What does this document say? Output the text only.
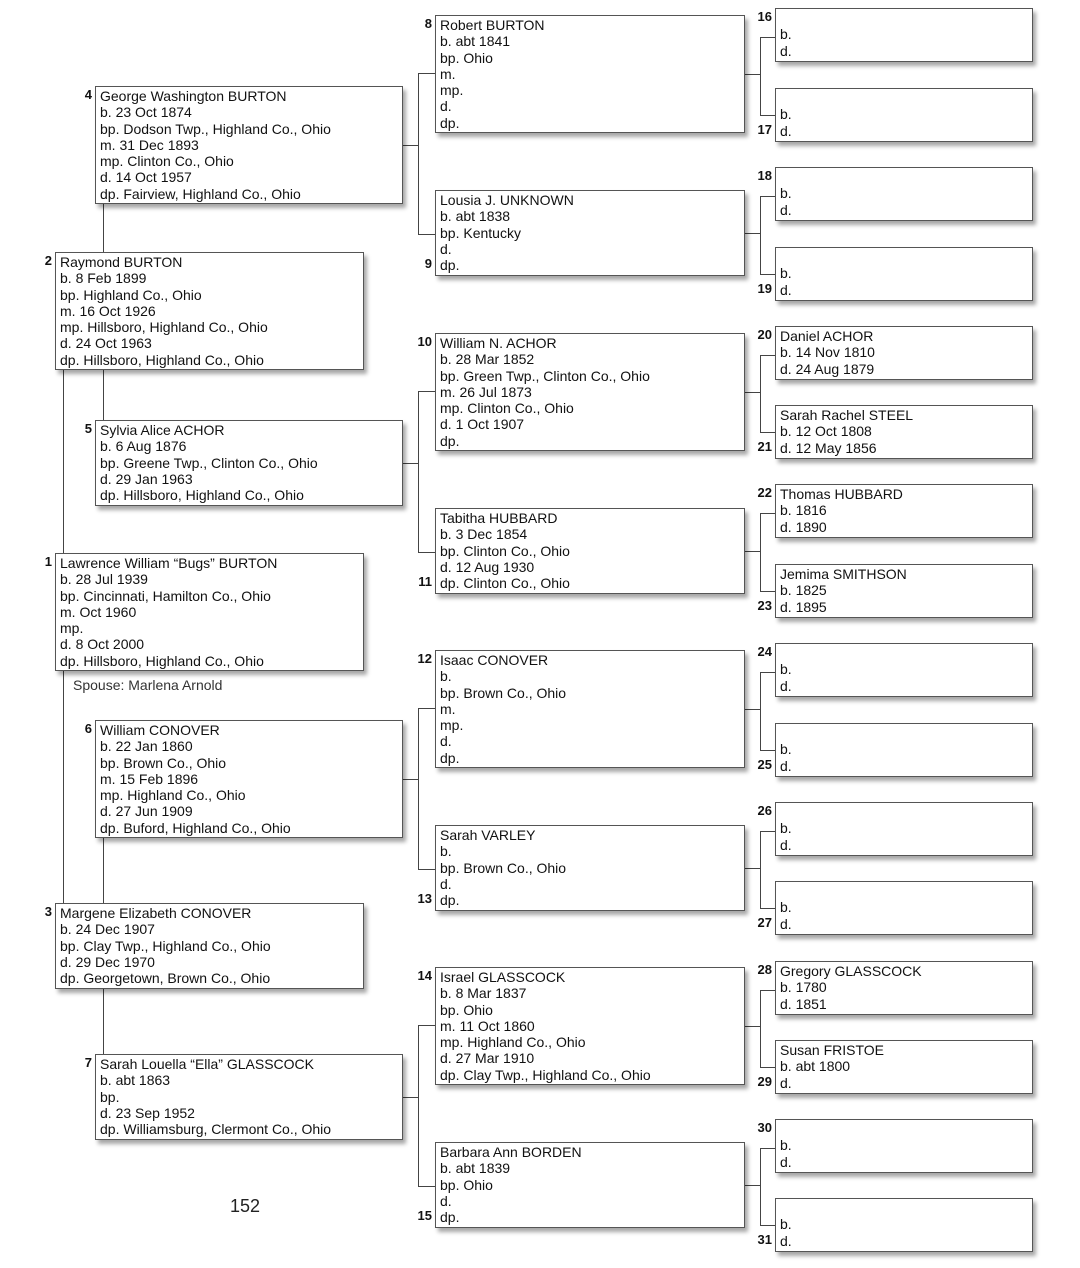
Lawrence William “Bugs” BURTON
b. 28 Jul 1939
bp. Cincinnati, Hamilton Co., Ohio
m. Oct 1960
mp.
d. 8 Oct 2000
dp. Hillsboro, Highland Co., Ohio
1
Raymond BURTON
b. 8 Feb 1899
bp. Highland Co., Ohio
m. 16 Oct 1926
mp. Hillsboro, Highland Co., Ohio
d. 24 Oct 1963
dp. Hillsboro, Highland Co., Ohio
2
Margene Elizabeth CONOVER
b. 24 Dec 1907
bp. Clay Twp., Highland Co., Ohio
d. 29 Dec 1970
dp. Georgetown, Brown Co., Ohio
3
George Washington BURTON
b. 23 Oct 1874
bp. Dodson Twp., Highland Co., Ohio
m. 31 Dec 1893
mp. Clinton Co., Ohio
d. 14 Oct 1957
dp. Fairview, Highland Co., Ohio
4
Sylvia Alice ACHOR
b. 6 Aug 1876
bp. Greene Twp., Clinton Co., Ohio
d. 29 Jan 1963
dp. Hillsboro, Highland Co., Ohio
5
William CONOVER
b. 22 Jan 1860
bp. Brown Co., Ohio
m. 15 Feb 1896
mp. Highland Co., Ohio
d. 27 Jun 1909
dp. Buford, Highland Co., Ohio
6
Sarah Louella “Ella” GLASSCOCK
b. abt 1863
bp.
d. 23 Sep 1952
dp. Williamsburg, Clermont Co., Ohio
7
Robert BURTON
b. abt 1841
bp. Ohio
m.
mp.
d.
dp.
8
Lousia J. UNKNOWN
b. abt 1838
bp. Kentucky
d.
dp.
9
William N. ACHOR
b. 28 Mar 1852
bp. Green Twp., Clinton Co., Ohio
m. 26 Jul 1873
mp. Clinton Co., Ohio
d. 1 Oct 1907
dp.
10
Tabitha HUBBARD
b. 3 Dec 1854
bp. Clinton Co., Ohio
d. 12 Aug 1930
dp. Clinton Co., Ohio
11
Isaac CONOVER
b.
bp. Brown Co., Ohio
m.
mp.
d.
dp.
12
Sarah VARLEY
b.
bp. Brown Co., Ohio
d.
dp.
13
Israel GLASSCOCK
b. 8 Mar 1837
bp. Ohio
m. 11 Oct 1860
mp. Highland Co., Ohio
d. 27 Mar 1910
dp. Clay Twp., Highland Co., Ohio
14
Barbara Ann BORDEN
b. abt 1839
bp. Ohio
d.
dp.
15
b.
d.
16
b.
d.
17
b.
d.
18
b.
d.
19
Daniel ACHOR
b. 14 Nov 1810
d. 24 Aug 1879
20
Sarah Rachel STEEL
b. 12 Oct 1808
d. 12 May 1856
21
Thomas HUBBARD
b. 1816
d. 1890
22
Jemima SMITHSON
b. 1825
d. 1895
23
b.
d.
24
b.
d.
25
b.
d.
26
b.
d.
27
Gregory GLASSCOCK
b. 1780
d. 1851
28
Susan FRISTOE
b. abt 1800
d.
29
b.
d.
30
b.
d.
31
Spouse: Marlena Arnold
152
